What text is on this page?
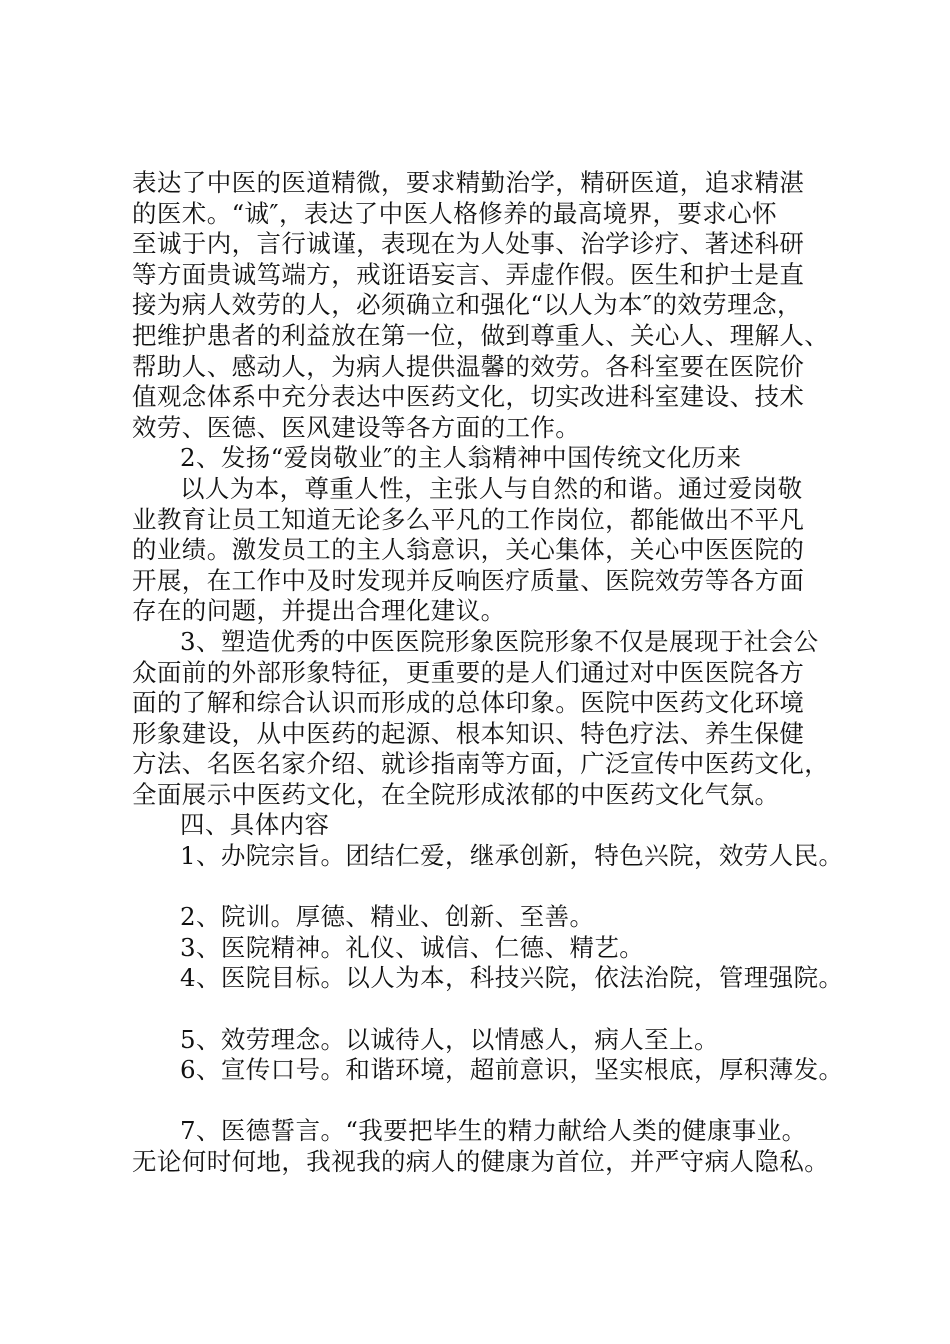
表达了中医的医道精微，要求精勤治学，精研医道，追求精湛
的医术。“诚″，表达了中医人格修养的最高境界，要求心怀
至诚于内，言行诚谨，表现在为人处事、治学诊疗、著述科研
等方面贵诚笃端方，戒诳语妄言、弄虚作假。医生和护士是直
接为病人效劳的人，必须确立和强化“以人为本″的效劳理念，
把维护患者的利益放在第一位，做到尊重人、关心人、理解人、
帮助人、感动人，为病人提供温馨的效劳。各科室要在医院价
值观念体系中充分表达中医药文化，切实改进科室建设、技术
效劳、医德、医风建设等各方面的工作。
2、发扬“爱岗敬业″的主人翁精神中国传统文化历来
以人为本，尊重人性，主张人与自然的和谐。通过爱岗敬
业教育让员工知道无论多么平凡的工作岗位，都能做出不平凡
的业绩。激发员工的主人翁意识，关心集体，关心中医医院的
开展，在工作中及时发现并反响医疗质量、医院效劳等各方面
存在的问题，并提出合理化建议。
3、塑造优秀的中医医院形象医院形象不仅是展现于社会公
众面前的外部形象特征，更重要的是人们通过对中医医院各方
面的了解和综合认识而形成的总体印象。医院中医药文化环境
形象建设，从中医药的起源、根本知识、特色疗法、养生保健
方法、名医名家介绍、就诊指南等方面，广泛宣传中医药文化，
全面展示中医药文化，在全院形成浓郁的中医药文化气氛。
四、具体内容
1、办院宗旨。团结仁爱，继承创新，特色兴院，效劳人民。
2、院训。厚德、精业、创新、至善。
3、医院精神。礼仪、诚信、仁德、精艺。
4、医院目标。以人为本，科技兴院，依法治院，管理强院。
5、效劳理念。以诚待人，以情感人，病人至上。
6、宣传口号。和谐环境，超前意识，坚实根底，厚积薄发。
7、医德誓言。“我要把毕生的精力献给人类的健康事业。
无论何时何地，我视我的病人的健康为首位，并严守病人隐私。
